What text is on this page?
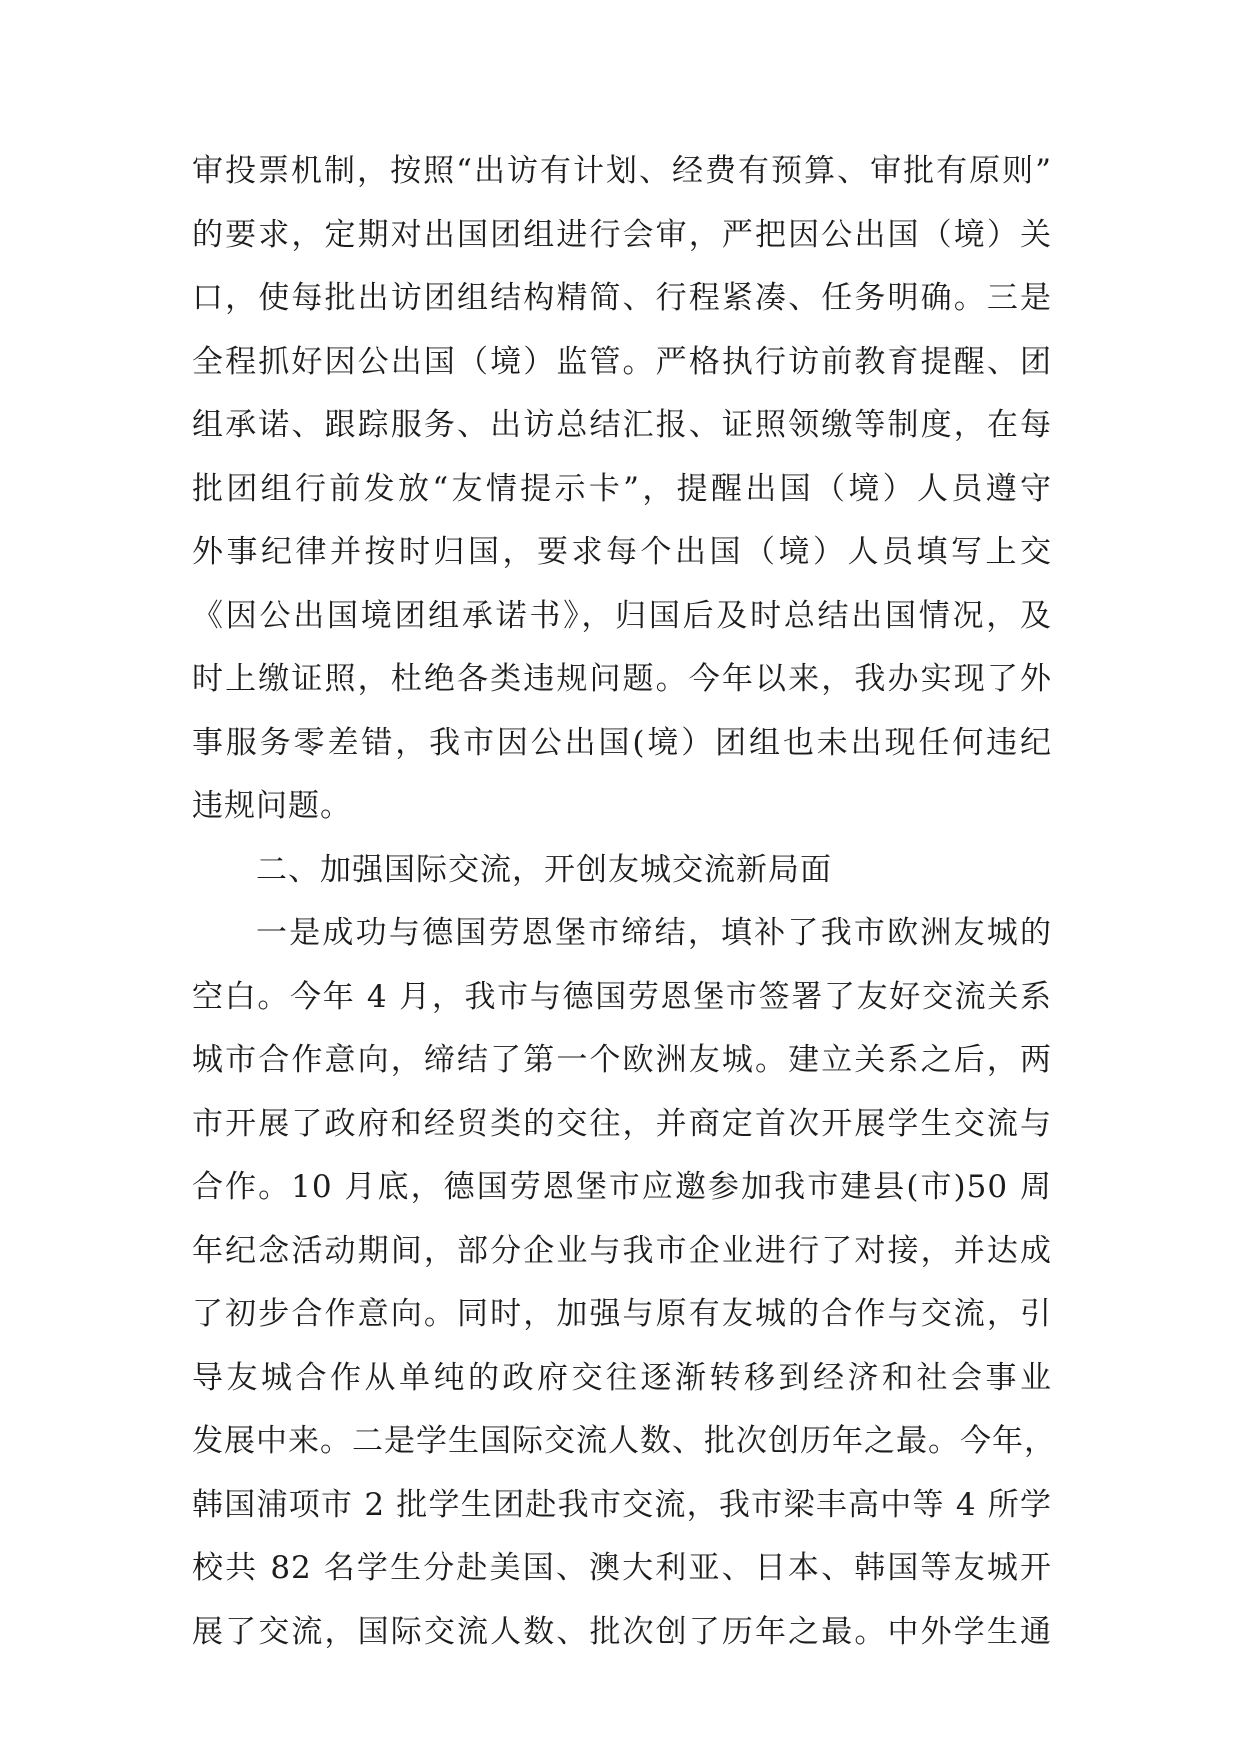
审投票机制，按照“出访有计划、经费有预算、审批有原则”
的要求，定期对出国团组进行会审，严把因公出国（境）关
口，使每批出访团组结构精简、行程紧凑、任务明确。三是
全程抓好因公出国（境）监管。严格执行访前教育提醒、团
组承诺、跟踪服务、出访总结汇报、证照领缴等制度，在每
批团组行前发放“友情提示卡”，提醒出国（境）人员遵守
外事纪律并按时归国，要求每个出国（境）人员填写上交
《因公出国境团组承诺书》，归国后及时总结出国情况，及
时上缴证照，杜绝各类违规问题。今年以来，我办实现了外
事服务零差错，我市因公出国(境）团组也未出现任何违纪
违规问题。
二、加强国际交流，开创友城交流新局面
一是成功与德国劳恩堡市缔结，填补了我市欧洲友城的
空白。今年 4 月，我市与德国劳恩堡市签署了友好交流关系
城市合作意向，缔结了第一个欧洲友城。建立关系之后，两
市开展了政府和经贸类的交往，并商定首次开展学生交流与
合作。10 月底，德国劳恩堡市应邀参加我市建县(市)50 周
年纪念活动期间，部分企业与我市企业进行了对接，并达成
了初步合作意向。同时，加强与原有友城的合作与交流，引
导友城合作从单纯的政府交往逐渐转移到经济和社会事业
发展中来。二是学生国际交流人数、批次创历年之最。今年，
韩国浦项市 2 批学生团赴我市交流，我市梁丰高中等 4 所学
校共 82 名学生分赴美国、澳大利亚、日本、韩国等友城开
展了交流，国际交流人数、批次创了历年之最。中外学生通
